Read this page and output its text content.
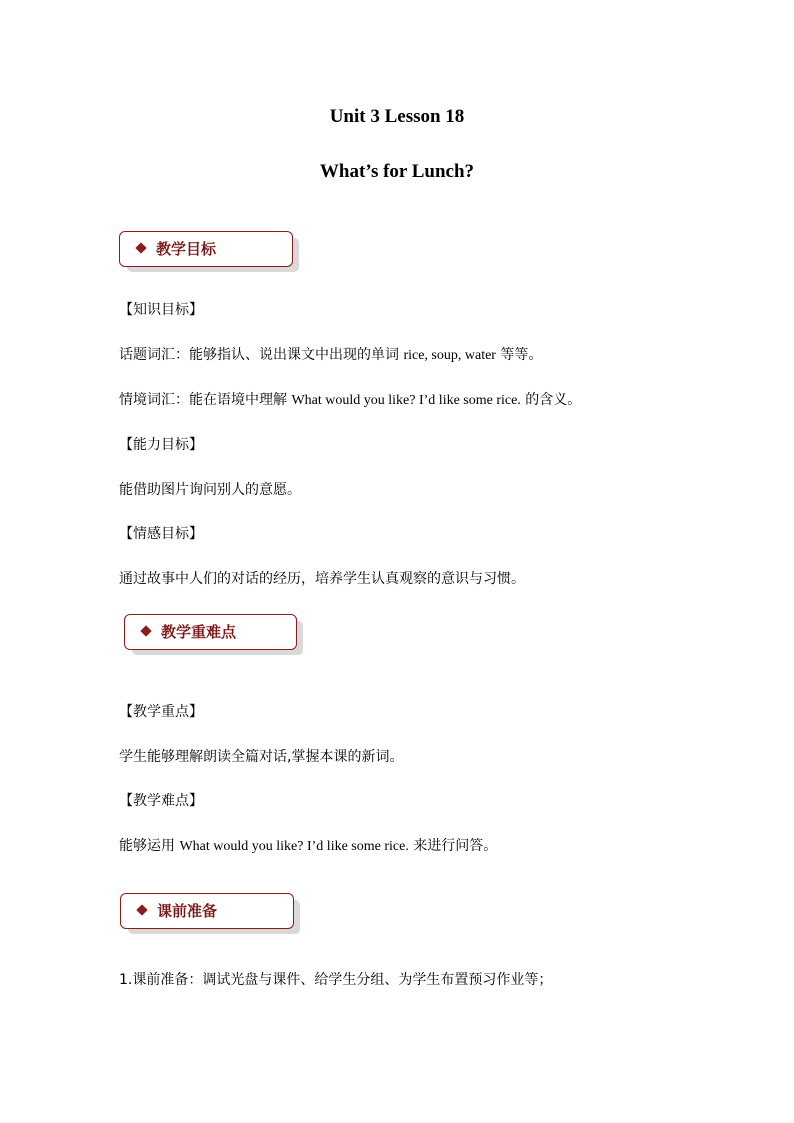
Unit 3 Lesson 18
What’s for Lunch?
教学目标
【知识目标】
话题词汇：能够指认、说出课文中出现的单词 rice, soup, water 等等。
情境词汇：能在语境中理解 What would you like? I’d like some rice. 的含义。
【能力目标】
能借助图片询问别人的意愿。
【情感目标】
通过故事中人们的对话的经历，培养学生认真观察的意识与习惯。
教学重难点
【教学重点】
学生能够理解朗读全篇对话,掌握本课的新词。
【教学难点】
能够运用 What would you like? I’d like some rice. 来进行问答。
课前准备
1.课前准备：调试光盘与课件、给学生分组、为学生布置预习作业等；
